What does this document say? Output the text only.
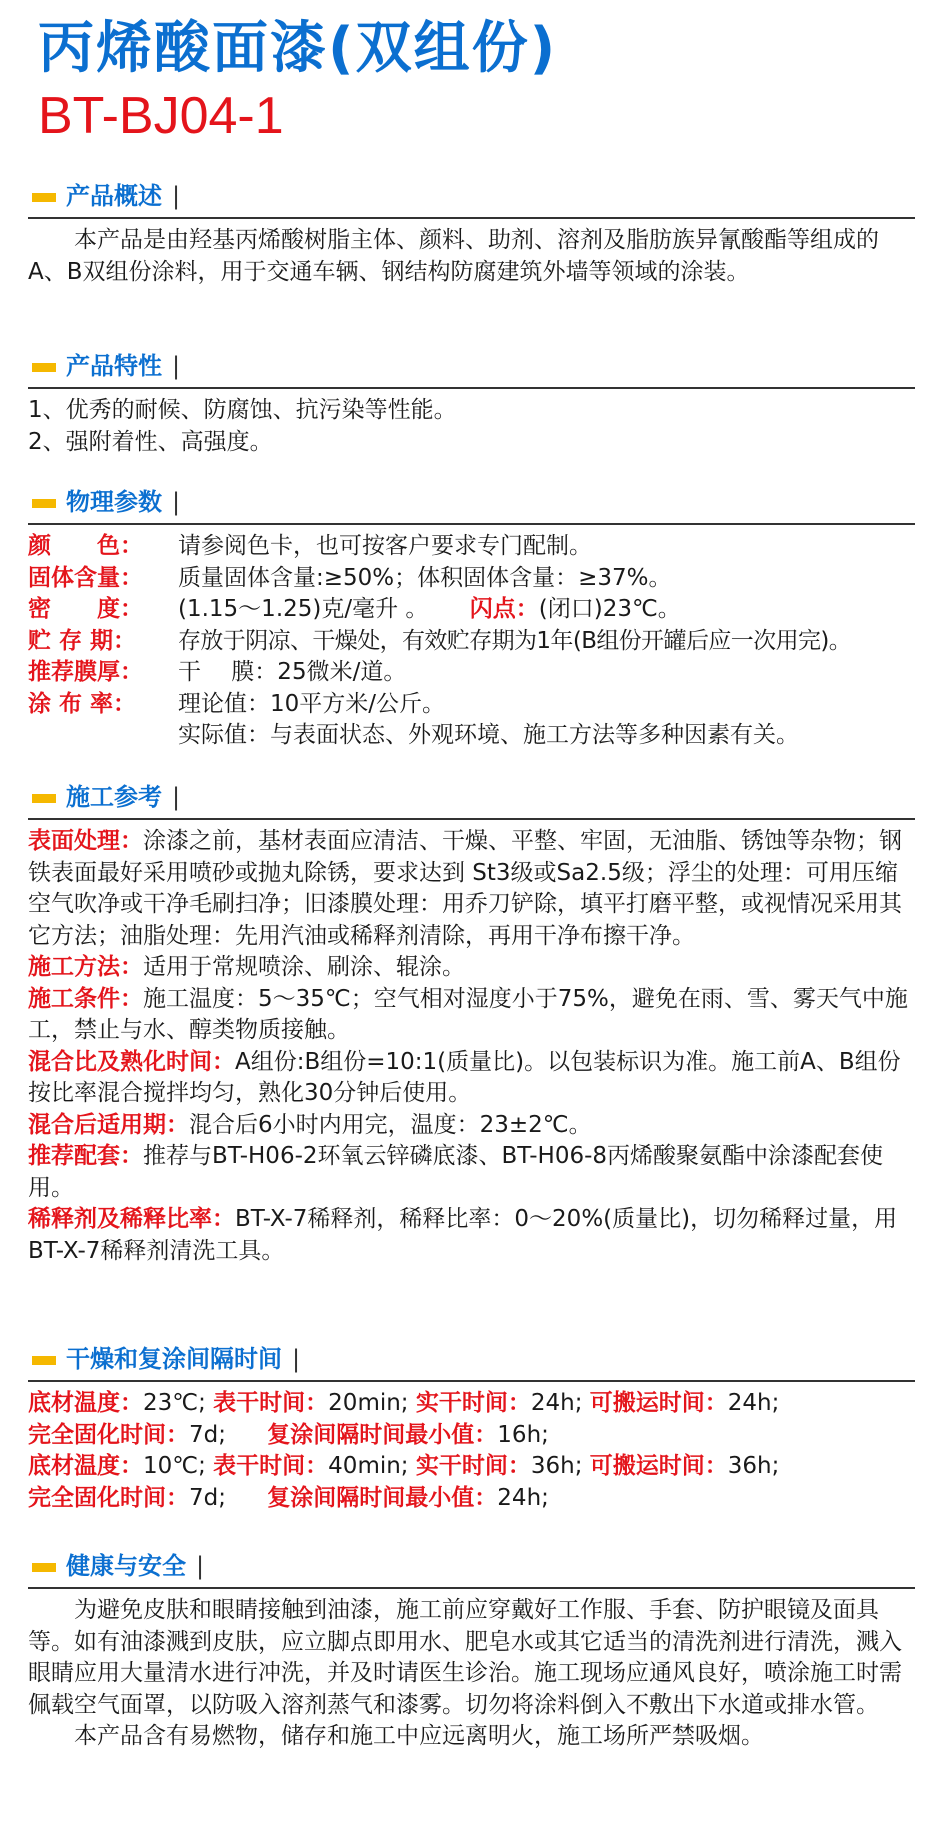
丙烯酸面漆(双组份)
BT-BJ04-1
产品概述 |

本产品是由羟基丙烯酸树脂主体、颜料、助剂、溶剂及脂肪族异氰酸酯等组成的A、B双组份涂料，用于交通车辆、钢结构防腐建筑外墙等领域的涂装。

产品特性 |

1、优秀的耐候、防腐蚀、抗污染等性能。

2、强附着性、高强度。

物理参数 |
颜　　色：	请参阅色卡，也可按客户要求专门配制。
固体含量：	质量固体含量:≥50%；体积固体含量：≥37%。
密　　度：	(1.15～1.25)克/毫升 。 闪点：(闭口)23℃。
贮 存 期：	存放于阴凉、干燥处，有效贮存期为1年(B组份开罐后应一次用完)。
推荐膜厚：	干　 膜：25微米/道。
涂 布 率：	理论值：10平方米/公斤。
实际值：与表面状态、外观环境、施工方法等多种因素有关。
施工参考 |

表面处理：涂漆之前，基材表面应清洁、干燥、平整、牢固，无油脂、锈蚀等杂物；钢铁表面最好采用喷砂或抛丸除锈，要求达到 St3级或Sa2.5级；浮尘的处理：可用压缩空气吹净或干净毛刷扫净；旧漆膜处理：用乔刀铲除，填平打磨平整，或视情况采用其它方法；油脂处理：先用汽油或稀释剂清除，再用干净布擦干净。

施工方法：适用于常规喷涂、刷涂、辊涂。

施工条件：施工温度：5～35℃；空气相对湿度小于75%，避免在雨、雪、雾天气中施工，禁止与水、醇类物质接触。

混合比及熟化时间：A组份:B组份=10:1(质量比)。以包装标识为准。施工前A、B组份按比率混合搅拌均匀，熟化30分钟后使用。

混合后适用期：混合后6小时内用完，温度：23±2℃。

推荐配套：推荐与BT-H06-2环氧云锌磷底漆、BT-H06-8丙烯酸聚氨酯中涂漆配套使用。

稀释剂及稀释比率：BT-X-7稀释剂，稀释比率：0～20%(质量比)，切勿稀释过量，用BT-X-7稀释剂清洗工具。

干燥和复涂间隔时间 |

底材温度：23℃; 表干时间：20min; 实干时间：24h; 可搬运时间：24h;

完全固化时间：7d; 复涂间隔时间最小值：16h;

底材温度：10℃; 表干时间：40min; 实干时间：36h; 可搬运时间：36h;

完全固化时间：7d; 复涂间隔时间最小值：24h;

健康与安全 |

为避免皮肤和眼睛接触到油漆，施工前应穿戴好工作服、手套、防护眼镜及面具等。如有油漆溅到皮肤，应立脚点即用水、肥皂水或其它适当的清洗剂进行清洗，溅入眼睛应用大量清水进行冲洗，并及时请医生诊治。施工现场应通风良好，喷涂施工时需佩载空气面罩，以防吸入溶剂蒸气和漆雾。切勿将涂料倒入不敷出下水道或排水管。

本产品含有易燃物，储存和施工中应远离明火，施工场所严禁吸烟。
